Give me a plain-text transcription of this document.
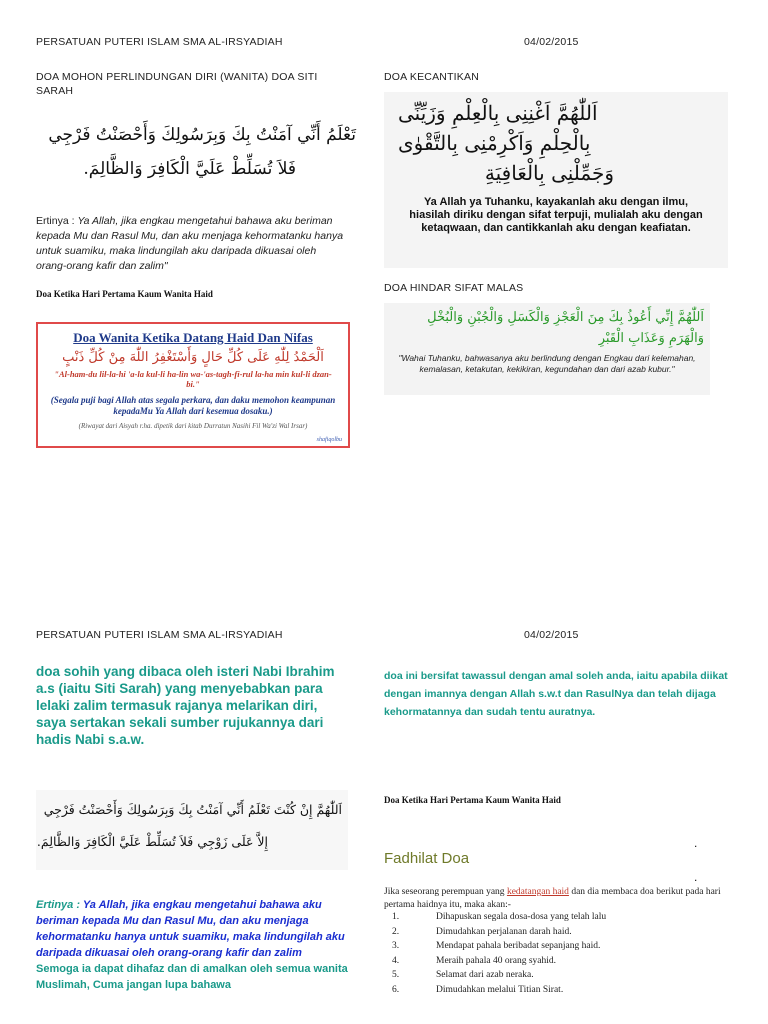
PERSATUAN PUTERI ISLAM SMA AL-IRSYADIAH	04/02/2015
DOA MOHON PERLINDUNGAN DIRI (WANITA) DOA SITI SARAH
تَعْلَمُ أَنِّي آمَنْتُ بِكَ وَبِرَسُولِكَ وَأَحْصَنْتُ فَرْجِي
فَلاَ تُسَلِّطْ عَلَيَّ الْكَافِرَ وَالظَّالِمَ.
Ertinya : Ya Allah, jika engkau mengetahui bahawa aku beriman kepada Mu dan Rasul Mu, dan aku menjaga kehormatanku hanya untuk suamiku, maka lindungilah aku daripada dikuasai oleh orang-orang kafir dan zalim"
Doa Ketika Hari Pertama Kaum Wanita Haid
Doa Wanita Ketika Datang Haid Dan Nifas
اَلْحَمْدُ لِلّٰهِ عَلَى كُلِّ حَالٍ وَأَسْتَغْفِرُ اللّٰهَ مِنْ كُلِّ ذَنْبٍ
"Al-ham-du lil-la-hi 'a-la kul-li ha-lin wa-'as-tagh-fi-rul la-ha min kul-li dzan-bi."
(Segala puji bagi Allah atas segala perkara, dan daku memohon keampunan kepadaMu Ya Allah dari kesemua dosaku.)
(Riwayat dari Aisyah r.ha. dipetik dari kitab Durratun Nasihi Fil Wa'zi Wal Irsar)
shafiqolbu
DOA KECANTIKAN
اَللّٰهُمَّ اَغْنِنِى بِالْعِلْمِ وَزَيِّنِّى
بِالْحِلْمِ وَاَكْرِمْنِى بِالتَّقْوٰى
وَجَمِّلْنِى بِالْعَافِيَةِ
Ya Allah ya Tuhanku, kayakanlah aku dengan ilmu, hiasilah diriku dengan sifat terpuji, mulialah aku dengan ketaqwaan, dan cantikkanlah aku dengan keafiatan.
DOA HINDAR SIFAT MALAS
اَللّٰهُمَّ إِنِّي أَعُوذُ بِكَ مِنَ الْعَجْزِ وَالْكَسَلِ وَالْجُبْنِ وَالْبُخْلِ وَالْهَرَمِ وَعَذَابِ الْقَبْرِ
"Wahai Tuhanku, bahwasanya aku berlindung dengan Engkau dari kelemahan, kemalasan, ketakutan, kekikiran, kegundahan dan dari azab kubur."
PERSATUAN PUTERI ISLAM SMA AL-IRSYADIAH	04/02/2015
doa sohih yang dibaca oleh isteri Nabi Ibrahim a.s (iaitu Siti Sarah) yang menyebabkan para lelaki zalim termasuk rajanya melarikan diri, saya sertakan sekali sumber rujukannya dari hadis Nabi s.a.w.
اَللّٰهُمَّ إِنْ كُنْتَ تَعْلَمُ أَنِّي آمَنْتُ بِكَ وَبِرَسُولِكَ وَأَحْصَنْتُ فَرْجِي
إِلاَّ عَلَى زَوْجِي فَلاَ تُسَلِّطْ عَلَيَّ الْكَافِرَ وَالظَّالِمَ.
Ertinya : Ya Allah, jika engkau mengetahui bahawa aku beriman kepada Mu dan Rasul Mu, dan aku menjaga kehormatanku hanya untuk suamiku, maka lindungilah aku daripada dikuasai oleh orang-orang kafir dan zalim
Semoga ia dapat dihafaz dan di amalkan oleh semua wanita Muslimah, Cuma jangan lupa bahawa
doa ini bersifat tawassul dengan amal soleh anda, iaitu apabila diikat dengan imannya dengan Allah s.w.t dan RasulNya dan telah dijaga kehormatannya dan sudah tentu auratnya.
Doa Ketika Hari Pertama Kaum Wanita Haid
Fadhilat Doa
.
.
Jika seseorang perempuan yang kedatangan haid dan dia membaca doa berikut pada hari pertama haidnya itu, maka akan:-
1.	Dihapuskan segala dosa-dosa yang telah lalu
2.	Dimudahkan perjalanan darah haid.
3.	Mendapat pahala beribadat sepanjang haid.
4.	Meraih pahala 40 orang syahid.
5.	Selamat dari azab neraka.
6.	Dimudahkan melalui Titian Sirat.
